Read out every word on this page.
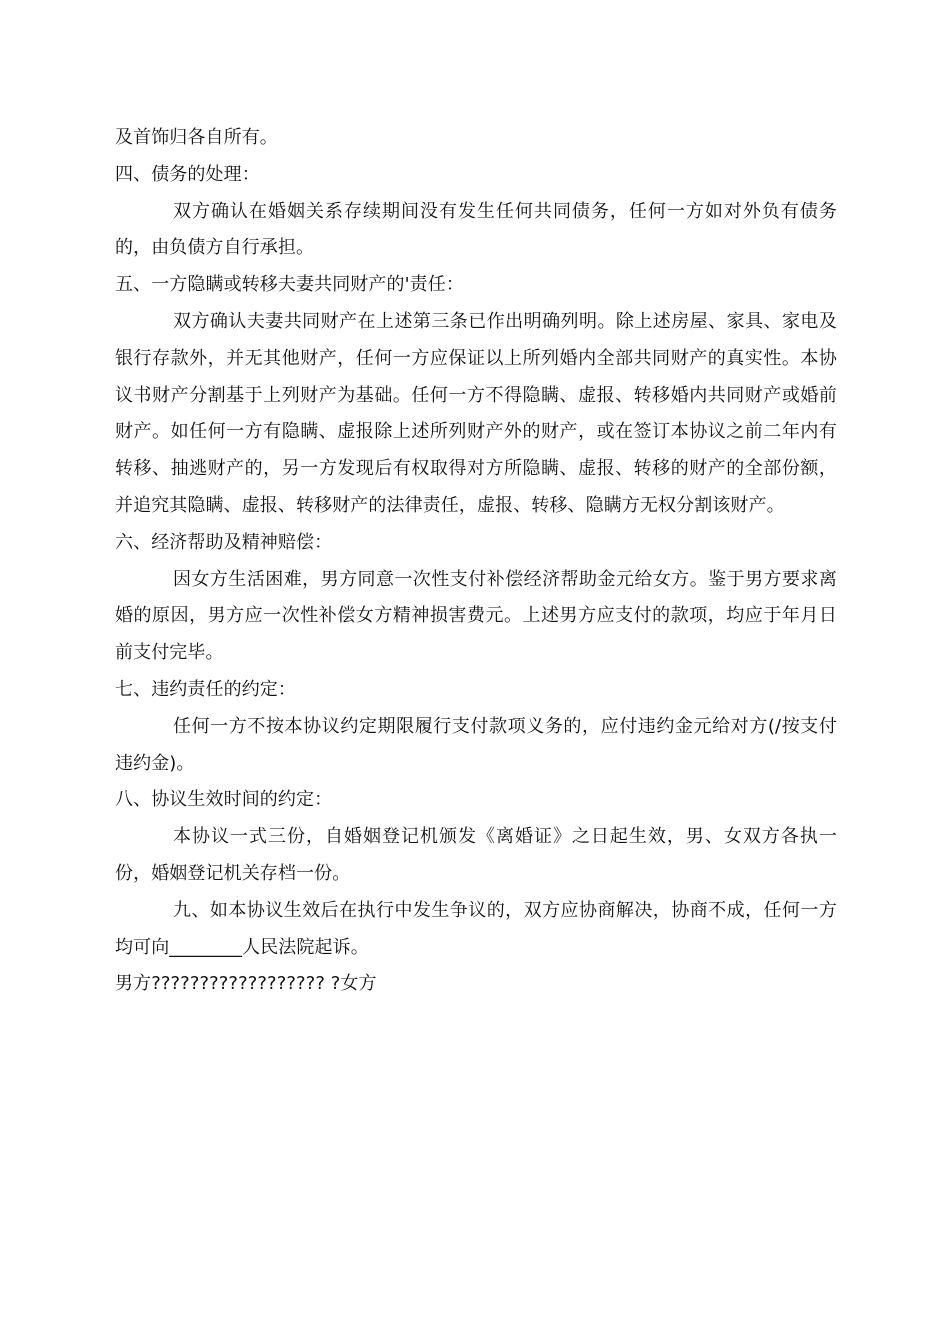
及首饰归各自所有。

四、债务的处理：

双方确认在婚姻关系存续期间没有发生任何共同债务，任何一方如对外负有债务的，由负债方自行承担。

五、一方隐瞒或转移夫妻共同财产的'责任：

双方确认夫妻共同财产在上述第三条已作出明确列明。除上述房屋、家具、家电及银行存款外，并无其他财产，任何一方应保证以上所列婚内全部共同财产的真实性。本协议书财产分割基于上列财产为基础。任何一方不得隐瞒、虚报、转移婚内共同财产或婚前财产。如任何一方有隐瞒、虚报除上述所列财产外的财产，或在签订本协议之前二年内有转移、抽逃财产的，另一方发现后有权取得对方所隐瞒、虚报、转移的财产的全部份额，并追究其隐瞒、虚报、转移财产的法律责任，虚报、转移、隐瞒方无权分割该财产。

六、经济帮助及精神赔偿：

因女方生活困难，男方同意一次性支付补偿经济帮助金元给女方。鉴于男方要求离婚的原因，男方应一次性补偿女方精神损害费元。上述男方应支付的款项，均应于年月日前支付完毕。

七、违约责任的约定：

任何一方不按本协议约定期限履行支付款项义务的，应付违约金元给对方(/按支付违约金)。

八、协议生效时间的约定：

本协议一式三份，自婚姻登记机颁发《离婚证》之日起生效，男、女双方各执一份，婚姻登记机关存档一份。

九、如本协议生效后在执行中发生争议的，双方应协商解决，协商不成，任何一方均可向________人民法院起诉。

男方?????????????????? ?女方
